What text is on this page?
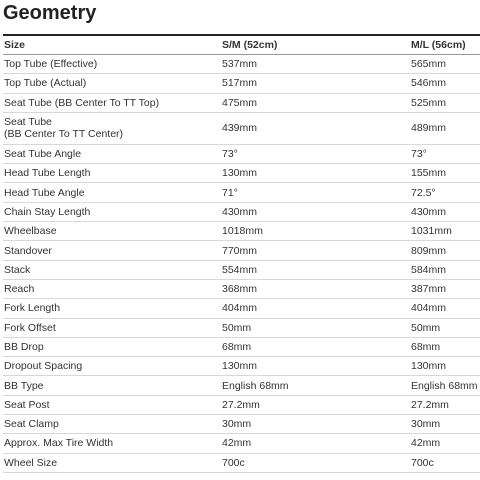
Geometry
Size	S/M (52cm)	M/L (56cm)
Top Tube (Effective)	537mm	565mm
Top Tube (Actual)	517mm	546mm
Seat Tube (BB Center To TT Top)	475mm	525mm

Seat Tube
(BB Center To TT Center)	439mm	489mm
Seat Tube Angle	73°	73°
Head Tube Length	130mm	155mm
Head Tube Angle	71°	72.5°
Chain Stay Length	430mm	430mm
Wheelbase	1018mm	1031mm
Standover	770mm	809mm
Stack	554mm	584mm
Reach	368mm	387mm
Fork Length	404mm	404mm
Fork Offset	50mm	50mm
BB Drop	68mm	68mm
Dropout Spacing	130mm	130mm
BB Type	English 68mm	English 68mm
Seat Post	27.2mm	27.2mm
Seat Clamp	30mm	30mm
Approx. Max Tire Width	42mm	42mm
Wheel Size	700c	700c
